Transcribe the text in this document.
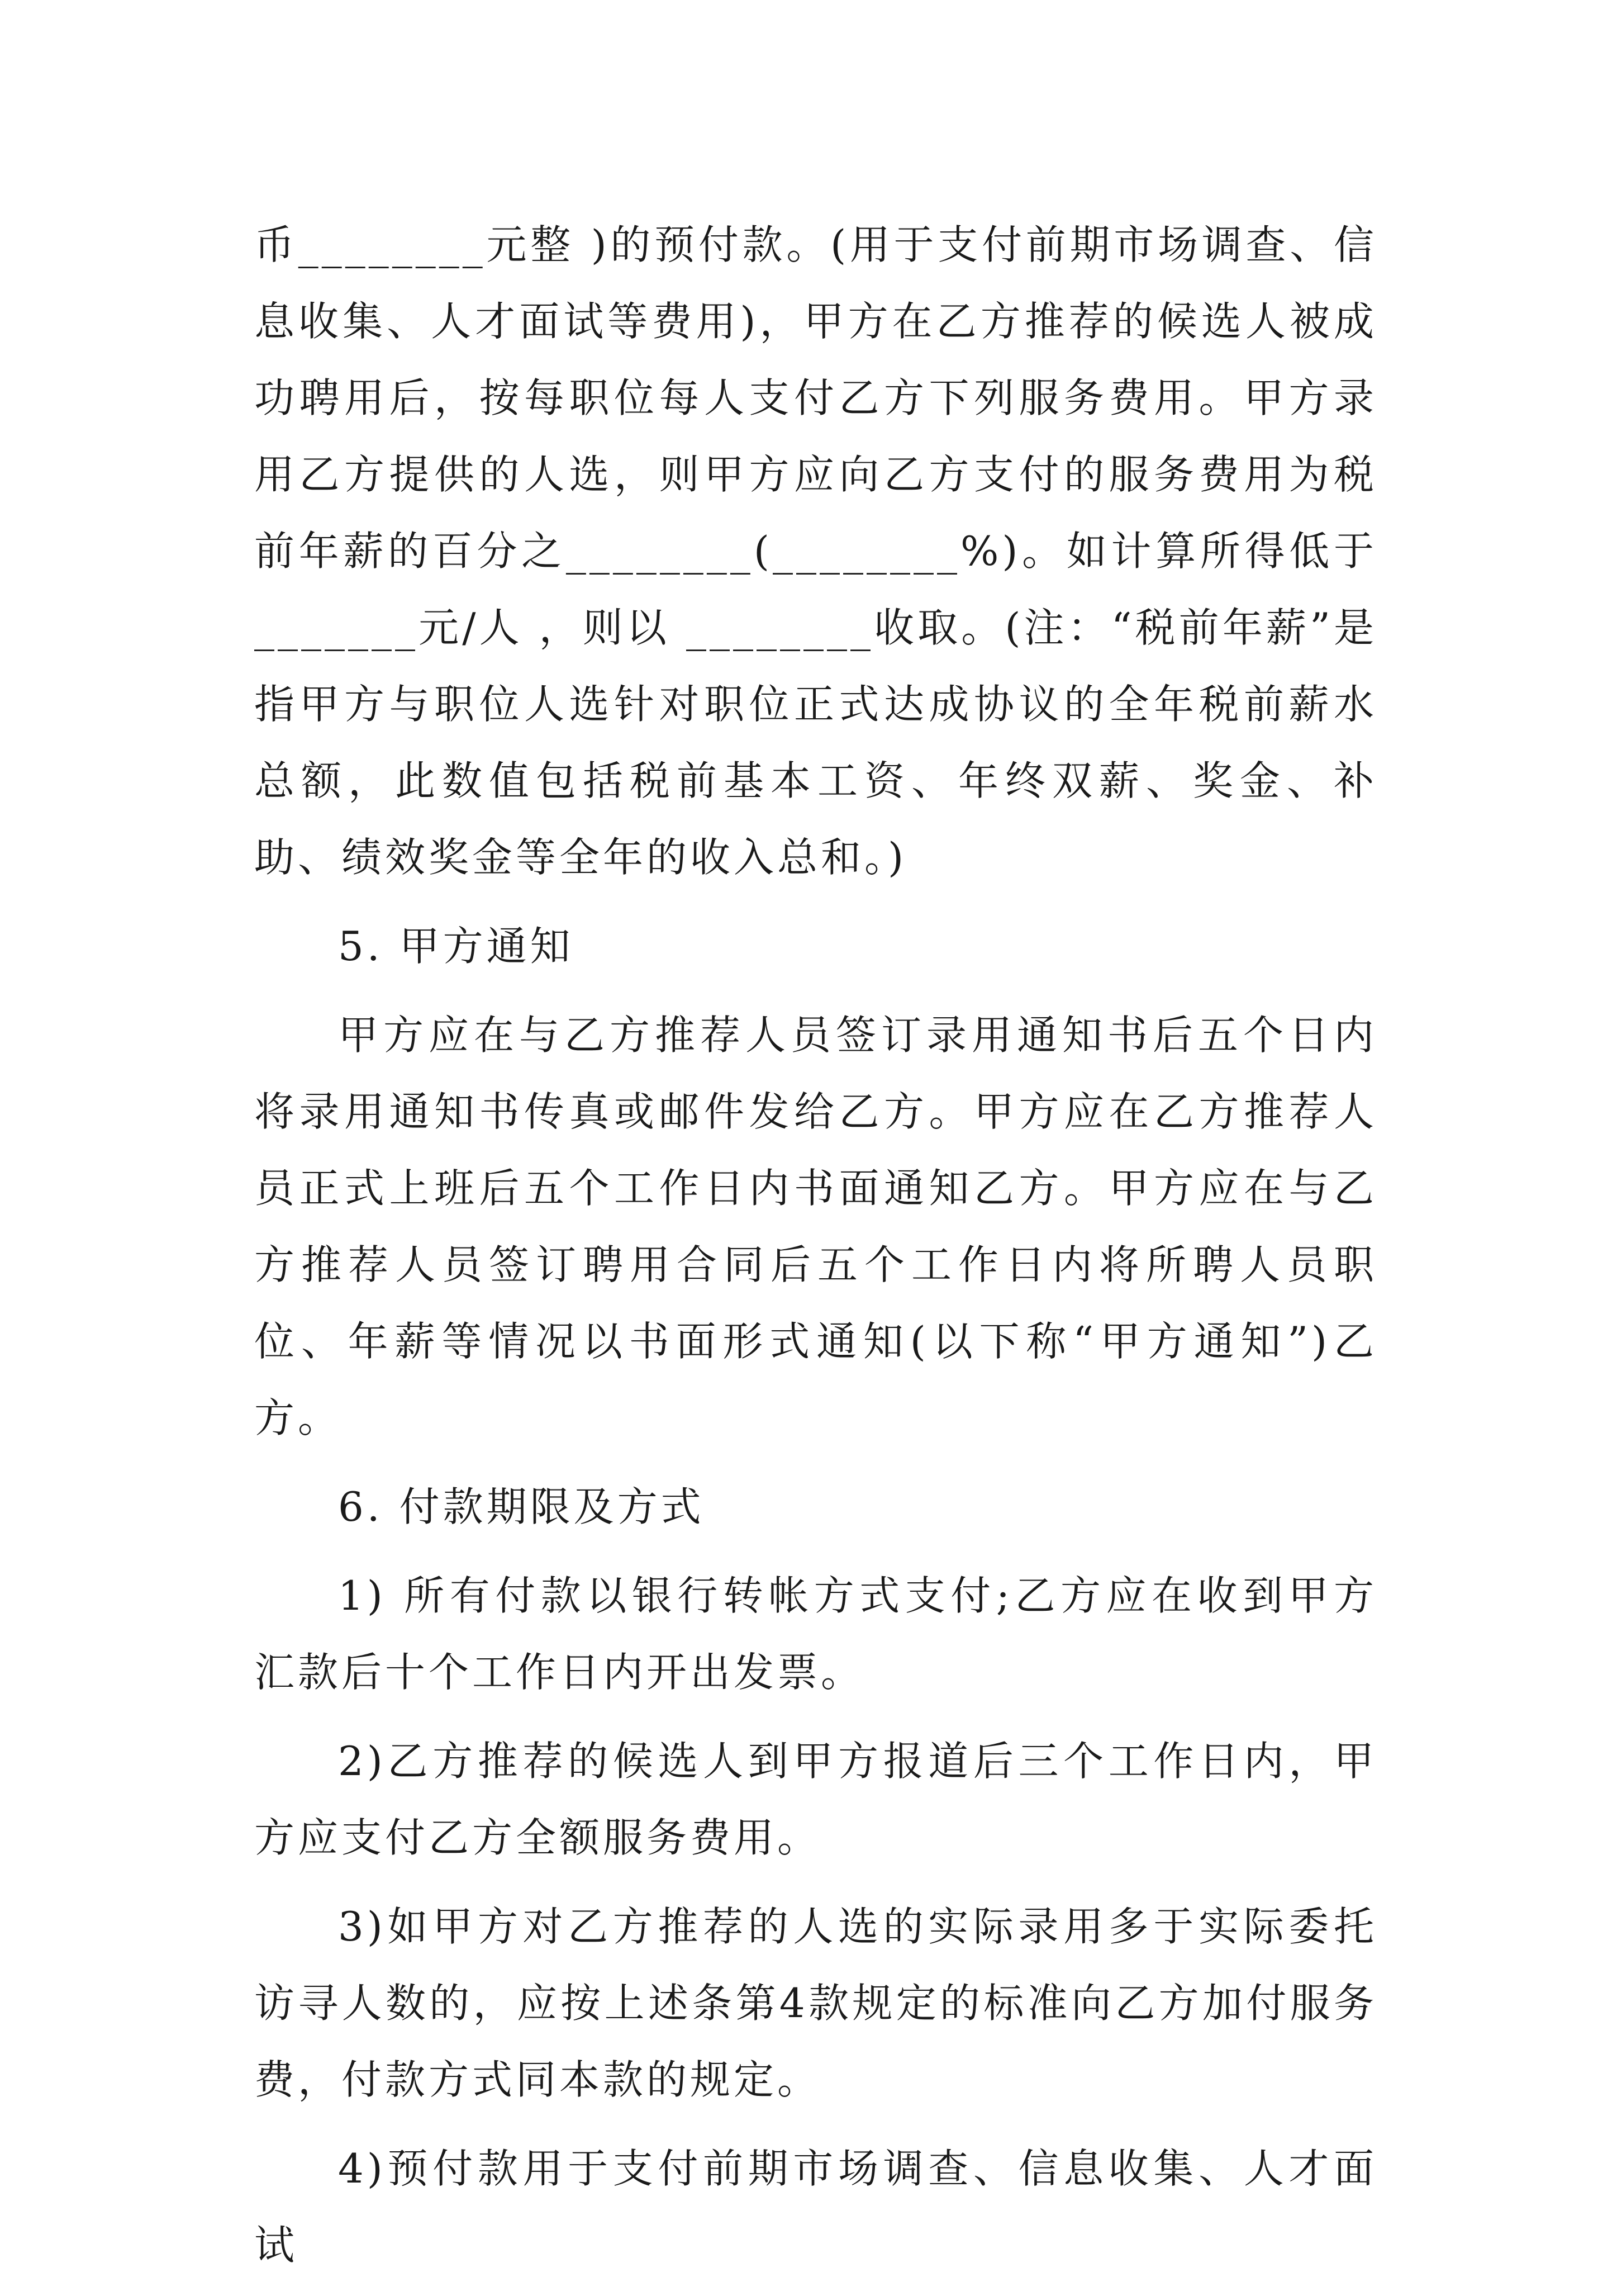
币________元整 )的预付款。(用于支付前期市场调查、信息收集、人才面试等费用)，甲方在乙方推荐的候选人被成功聘用后，按每职位每人支付乙方下列服务费用。甲方录用乙方提供的人选，则甲方应向乙方支付的服务费用为税前年薪的百分之________(________%)。如计算所得低于_______元/人 ，则以 ________收取。(注：“税前年薪”是指甲方与职位人选针对职位正式达成协议的全年税前薪水总额，此数值包括税前基本工资、年终双薪、奖金、补助、绩效奖金等全年的收入总和。)

5. 甲方通知

甲方应在与乙方推荐人员签订录用通知书后五个日内将录用通知书传真或邮件发给乙方。甲方应在乙方推荐人员正式上班后五个工作日内书面通知乙方。甲方应在与乙方推荐人员签订聘用合同后五个工作日内将所聘人员职位、年薪等情况以书面形式通知(以下称“甲方通知”)乙方。

6. 付款期限及方式

1) 所有付款以银行转帐方式支付;乙方应在收到甲方汇款后十个工作日内开出发票。

2)乙方推荐的候选人到甲方报道后三个工作日内，甲方应支付乙方全额服务费用。

3)如甲方对乙方推荐的人选的实际录用多于实际委托访寻人数的，应按上述条第4款规定的标准向乙方加付服务费，付款方式同本款的规定。

4)预付款用于支付前期市场调查、信息收集、人才面试
